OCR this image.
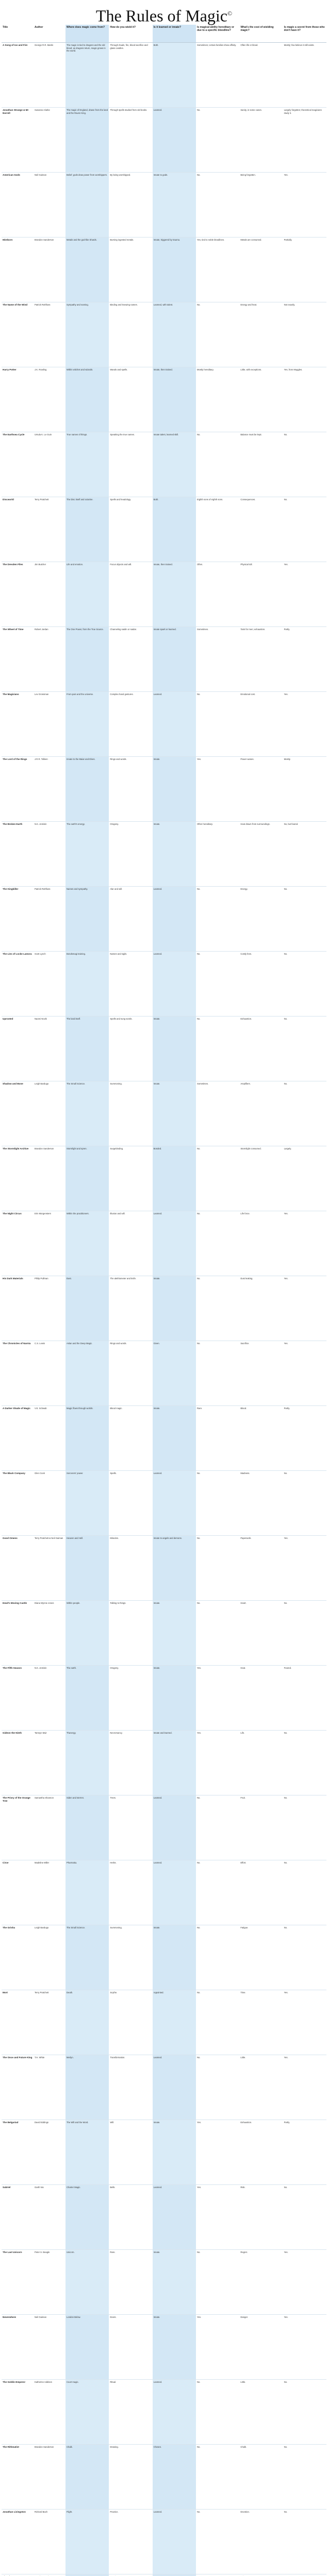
The Rules of Magic©
Title	Author	Where does magic come from?	How do you wield it?	Is it learned or innate?	Is magical ability hereditary or due to a specific bloodline?	What's the cost of wielding magic?	Is magic a secret from those who don't have it?
A Song of Ice and Fire	George R.R. Martin	The magic is tied to dragons and the old blood; as dragons return, magic grows in the world.	Through rituals, fire, blood sacrifice and glass candles.	Both.	Sometimes; certain families show affinity.	Often life or blood.	Mostly; few believe it still exists.
Jonathan Strange & Mr Norrell	Susanna Clarke	The magic of England, drawn from the land and the Raven King.	Through spells studied from old books.	Learned.	No.	Sanity, in some cases.	Largely forgotten; theoretical magicians study it.
American Gods	Neil Gaiman	Belief; gods draw power from worshippers.	By being worshipped.	Innate to gods.	No.	Being forgotten.	Yes.
Mistborn	Brandon Sanderson	Metals and the god-like Shards.	Burning ingested metals.	Innate, triggered by trauma.	Yes, tied to noble bloodlines.	Metals are consumed.	Partially.
The Name of the Wind	Patrick Rothfuss	Sympathy and naming.	Binding and knowing names.	Learned, with talent.	No.	Energy and heat.	Not exactly.
Harry Potter	J.K. Rowling	Within witches and wizards.	Wands and spells.	Innate, then trained.	Mostly hereditary.	Little, with exceptions.	Yes, from Muggles.
The Earthsea Cycle	Ursula K. Le Guin	True names of things.	Speaking the true names.	Innate talent, learned skill.	No.	Balance must be kept.	No.
Discworld	Terry Pratchett	The Disc itself and octarine.	Spells and headology.	Both.	Eighth sons of eighth sons.	Consequences.	No.
The Dresden Files	Jim Butcher	Life and emotion.	Focus objects and will.	Innate, then trained.	Often.	Physical toll.	Yes.
The Wheel of Time	Robert Jordan	The One Power, from the True Source.	Channeling saidin or saidar.	Innate spark or learned.	Sometimes.	Taint for men; exhaustion.	Partly.
The Magicians	Lev Grossman	From pain and the universe.	Complex hand gestures.	Learned.	No.	Emotional cost.	Yes.
The Lord of the Rings	J.R.R. Tolkien	Innate to the Maiar and Elves.	Rings and words.	Innate.	Yes.	Power wanes.	Mostly.
The Broken Earth	N.K. Jemisin	The earth's energy.	Orogeny.	Innate.	Often hereditary.	Heat drawn from surroundings.	No, but feared.
The Kingkiller	Patrick Rothfuss	Names and sympathy.	Alar and will.	Learned.	No.	Energy.	No.
The Lies of Locke Lamora	Scott Lynch	Bondsmagi training.	Names and sigils.	Learned.	No.	Costly fees.	No.
Uprooted	Naomi Novik	The land itself.	Spells and sung words.	Innate.	No.	Exhaustion.	No.
Shadow and Bone	Leigh Bardugo	The Small Science.	Summoning.	Innate.	Sometimes.	Amplifiers.	No.
The Stormlight Archive	Brandon Sanderson	Stormlight and spren.	Surgebinding.	Bonded.	No.	Stormlight consumed.	Largely.
The Night Circus	Erin Morgenstern	Within the practitioners.	Illusion and will.	Learned.	No.	Life force.	Yes.
His Dark Materials	Philip Pullman	Dust.	The alethiometer and knife.	Innate.	No.	Dust leaking.	Yes.
The Chronicles of Narnia	C.S. Lewis	Aslan and the Deep Magic.	Rings and words.	Given.	No.	Sacrifice.	Yes.
A Darker Shade of Magic	V.E. Schwab	Magic flows through worlds.	Blood magic.	Innate.	Rare.	Blood.	Partly.
The Black Company	Glen Cook	Sorcerers' power.	Spells.	Learned.	No.	Madness.	No.
Good Omens	Terry Pratchett & Neil Gaiman	Heaven and Hell.	Miracles.	Innate to angels and demons.	No.	Paperwork.	Yes.
Howl's Moving Castle	Diana Wynne Jones	Within people.	Talking to things.	Innate.	No.	Heart.	No.
The Fifth Season	N.K. Jemisin	The earth.	Orogeny.	Innate.	Yes.	Heat.	Feared.
Gideon the Ninth	Tamsyn Muir	Thanergy.	Necromancy.	Innate and learned.	Yes.	Life.	No.
The Priory of the Orange Tree	Samantha Shannon	Siden and sterren.	Trees.	Learned.	No.	Fruit.	No.
Circe	Madeline Miller	Pharmaka.	Herbs.	Learned.	No.	Effort.	No.
The Grisha	Leigh Bardugo	The Small Science.	Summoning.	Innate.	No.	Fatigue.	No.
Mort	Terry Pratchett	Death.	Scythe.	Appointed.	No.	Time.	Yes.
The Once and Future King	T.H. White	Merlyn.	Transformation.	Learned.	No.	Little.	Yes.
The Belgariad	David Eddings	The Will and the Word.	Will.	Innate.	Yes.	Exhaustion.	Partly.
Sabriel	Garth Nix	Charter Magic.	Bells.	Learned.	Yes.	Risk.	No.
The Last Unicorn	Peter S. Beagle	Unicorn.	Rare.	Innate.	No.	Regret.	Yes.
Neverwhere	Neil Gaiman	London Below.	Doors.	Innate.	Yes.	Danger.	Yes.
The Goblin Emperor	Katherine Addison	Court magic.	Ritual.	Learned.	No.	Little.	No.
The Rithmatist	Brandon Sanderson	Chalk.	Drawing.	Chosen.	No.	Chalk.	No.
Jonathan Livingston	Richard Bach	Flight.	Practice.	Learned.	No.	Devotion.	No.
